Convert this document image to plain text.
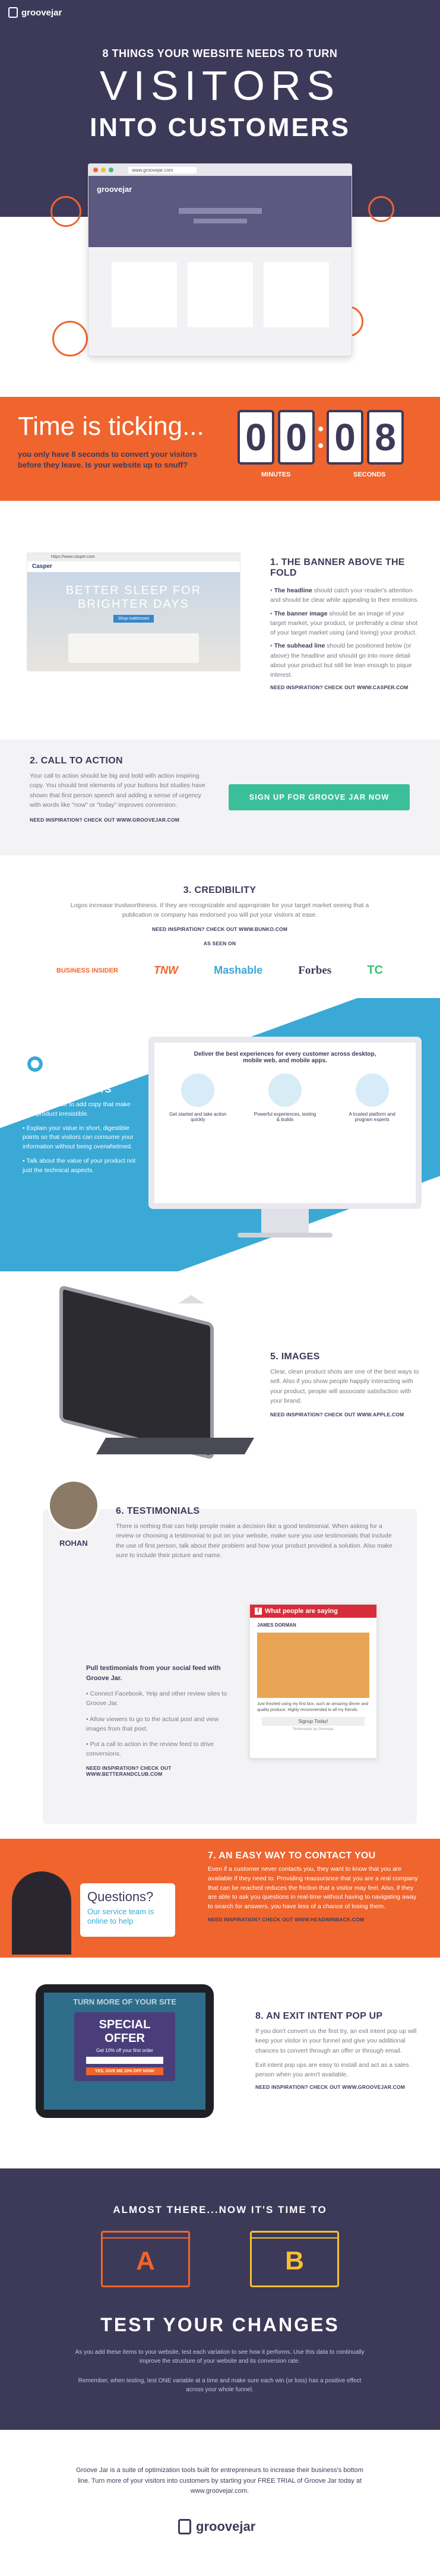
groovejar
8 THINGS YOUR WEBSITE NEEDS TO TURN
VISITORS
INTO CUSTOMERS
www.groovejar.com
groovejar
Time is ticking...
you only have 8 seconds to convert your visitors before they leave. Is your website up to snuff?
0 0 0 8
MINUTES	SECONDS
https://www.casper.com
Casper
BETTER SLEEP FOR
BRIGHTER DAYS
Shop mattresses
1. THE BANNER ABOVE THE FOLD
• The headline should catch your reader's attention and should be clear while appealing to their emotions.
• The banner image should be an image of your target market, your product, or preferably a clear shot of your target market using (and loving) your product.
• The subhead line should be positioned below (or above) the headline and should go into more detail about your product but still be lean enough to pique interest.
NEED INSPIRATION? CHECK OUT WWW.CASPER.COM
2. CALL TO ACTION
Your call to action should be big and bold with action inspiring copy. You should test elements of your buttons but studies have shown that first person speech and adding a sense of urgency with words like "now" or "today" improves conversion.
NEED INSPIRATION? CHECK OUT WWW.GROOVEJAR.COM
SIGN UP FOR GROOVE JAR NOW
3. CREDIBILITY
Logos increase trustworthiness. If they are recognizable and appropriate for your target market seeing that a publication or company has endorsed you will put your visitors at ease.
NEED INSPIRATION? CHECK OUT WWW.BUNKO.COM
AS SEEN ON
BUSINESS INSIDER	TNW	Mashable	Forbes	TC
4. BULLET POINTS
• Use this space to add copy that make your product irresistible.
• Explain your value in short, digestible points so that visitors can consume your information without being overwhelmed.
• Talk about the value of your product not just the technical aspects.
Deliver the best experiences for every customer across desktop, mobile web, and mobile apps.
Get started and take action quickly
Powerful experiences, testing & builds
A trusted platform and program experts
5. IMAGES
Clear, clean product shots are one of the best ways to sell. Also if you show people happily interacting with your product, people will associate satisfaction with your brand.
NEED INSPIRATION? CHECK OUT WWW.APPLE.COM
ROHAN
6. TESTIMONIALS
There is nothing that can help people make a decision like a good testimonial. When asking for a review or choosing a testimonial to put on your website, make sure you use testimonials that include the use of first person, talk about their problem and how your product provided a solution. Also make sure to include their picture and name.
Pull testimonials from your social feed with Groove Jar.
• Connect Facebook, Yelp and other review sites to Groove Jar.
• Allow viewers to go to the actual post and view images from that post.
• Put a call to action in the review feed to drive conversions.
NEED INSPIRATION? CHECK OUT WWW.BETTERANDCLUB.COM
f What people are saying
JAMES DORMAN
Just finished using my first box, such an amazing dinner and quality produce. Highly recommended to all my friends.
Signup Today!
Testimonials by Groovejar
Questions?
Our service team is online to help
7. AN EASY WAY TO CONTACT YOU
Even if a customer never contacts you, they want to know that you are available if they need to. Providing reassurance that you are a real company that can be reached reduces the friction that a visitor may feel. Also, if they are able to ask you questions in real-time without having to navigating away to search for answers, you have less of a chance of losing them.
NEED INSPIRATION? CHECK OUT WWW.HEADWINBACK.COM
TURN MORE OF YOUR SITE
SPECIAL OFFER
Get 10% off your first order
YES, GIVE ME 10% OFF NOW!
8. AN EXIT INTENT POP UP
If you don't convert us the first try, an exit intent pop up will keep your visitor in your funnel and give you additional chances to convert through an offer or through email.
Exit intent pop ups are easy to install and act as a sales person when you aren't available.
NEED INSPIRATION? CHECK OUT WWW.GROOVEJAR.COM
ALMOST THERE...NOW IT'S TIME TO
A	B
TEST YOUR CHANGES
As you add these items to your website, test each variation to see how it performs. Use this data to continually improve the structure of your website and its conversion rate.
Remember, when testing, test ONE variable at a time and make sure each win (or loss) has a positive effect across your whole funnel.
Groove Jar is a suite of optimization tools built for entrepreneurs to increase their business's bottom line. Turn more of your visitors into customers by starting your FREE TRIAL of Groove Jar today at www.groovejar.com.
groovejar
